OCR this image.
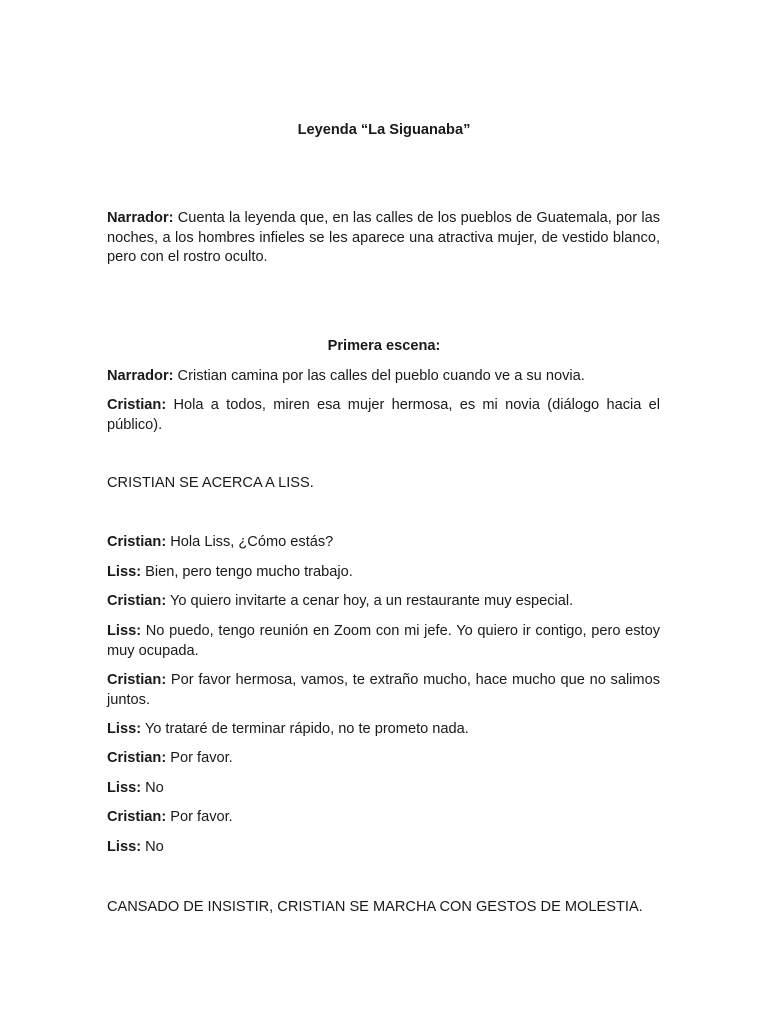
Leyenda “La Siguanaba”
Narrador: Cuenta la leyenda que, en las calles de los pueblos de Guatemala, por las noches, a los hombres infieles se les aparece una atractiva mujer, de vestido blanco, pero con el rostro oculto.
Primera escena:
Narrador: Cristian camina por las calles del pueblo cuando ve a su novia.
Cristian: Hola a todos, miren esa mujer hermosa, es mi novia (diálogo hacia el público).
CRISTIAN SE ACERCA A LISS.
Cristian: Hola Liss, ¿Cómo estás?
Liss: Bien, pero tengo mucho trabajo.
Cristian: Yo quiero invitarte a cenar hoy, a un restaurante muy especial.
Liss: No puedo, tengo reunión en Zoom con mi jefe. Yo quiero ir contigo, pero estoy muy ocupada.
Cristian: Por favor hermosa, vamos, te extraño mucho, hace mucho que no salimos juntos.
Liss: Yo trataré de terminar rápido, no te prometo nada.
Cristian: Por favor.
Liss: No
Cristian: Por favor.
Liss: No
CANSADO DE INSISTIR, CRISTIAN SE MARCHA CON GESTOS DE MOLESTIA.
